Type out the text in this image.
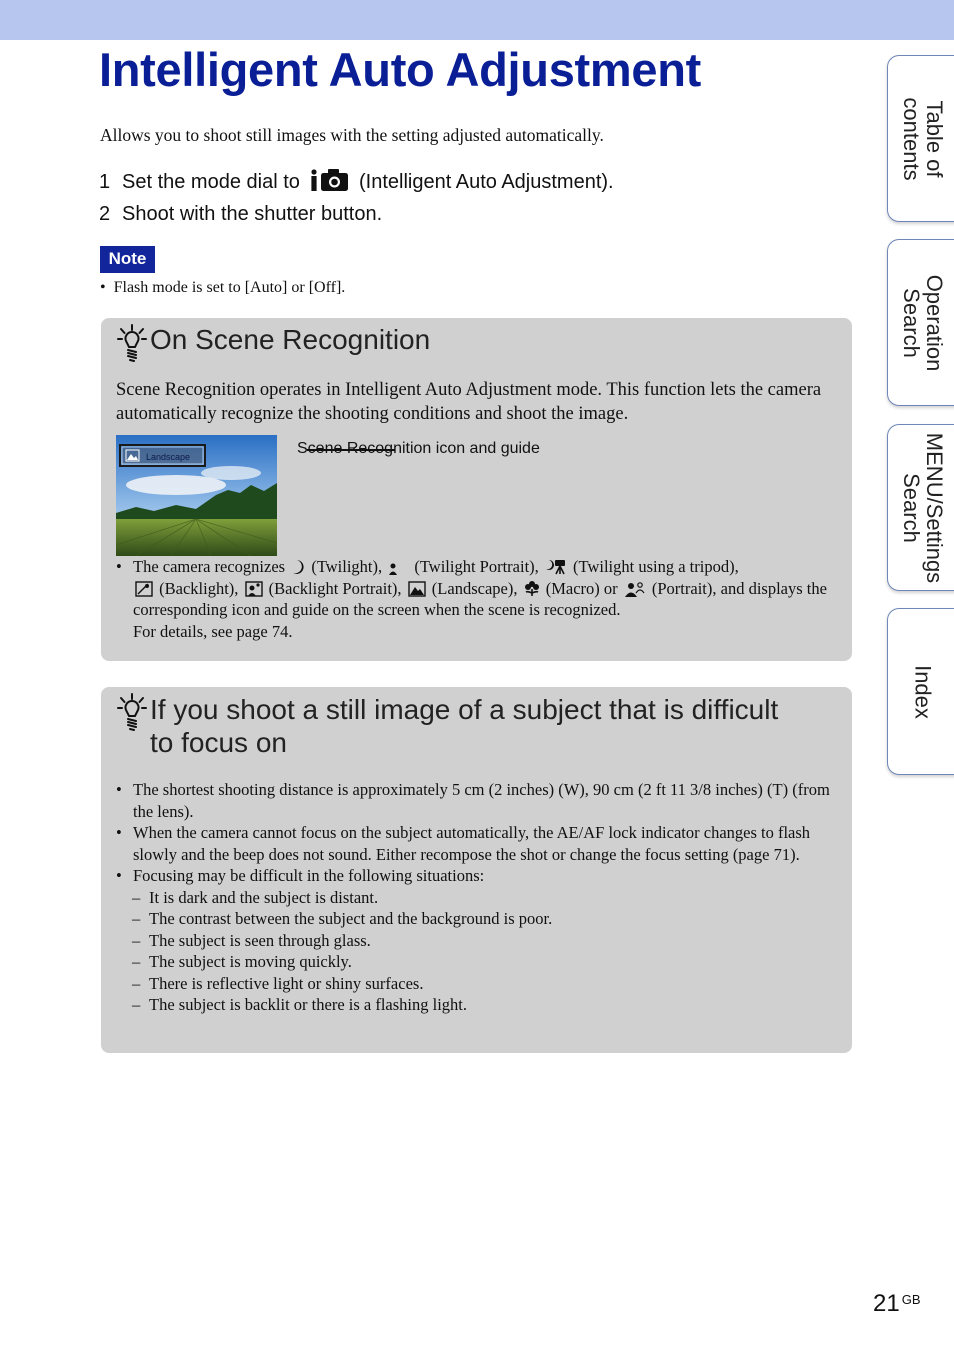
Intelligent Auto Adjustment
Allows you to shoot still images with the setting adjusted automatically.
1 Set the mode dial to	(Intelligent Auto Adjustment).
2 Shoot with the shutter button.
Note
•  Flash mode is set to [Auto] or [Off].
On Scene Recognition
Scene Recognition operates in Intelligent Auto Adjustment mode. This function lets the camera automatically recognize the shooting conditions and shoot the image.
Landscape	Scene Recognition icon and guide
• The camera recognizes (Twilight), (Twilight Portrait), (Twilight using a tripod),
(Backlight), (Backlight Portrait), (Landscape), (Macro) or (Portrait), and displays the corresponding icon and guide on the screen when the scene is recognized.
For details, see page 74.
If you shoot a still image of a subject that is difficult
to focus on
• The shortest shooting distance is approximately 5 cm (2 inches) (W), 90 cm (2 ft 11 3/8 inches) (T) (from the lens).
• When the camera cannot focus on the subject automatically, the AE/AF lock indicator changes to flash slowly and the beep does not sound. Either recompose the shot or change the focus setting (page 71).
• Focusing may be difficult in the following situations:
– It is dark and the subject is distant.
– The contrast between the subject and the background is poor.
– The subject is seen through glass.
– The subject is moving quickly.
– There is reflective light or shiny surfaces.
– The subject is backlit or there is a flashing light.
Table of
contents
Operation
Search
MENU/Settings
Search
Index
21 $^{GB}$
